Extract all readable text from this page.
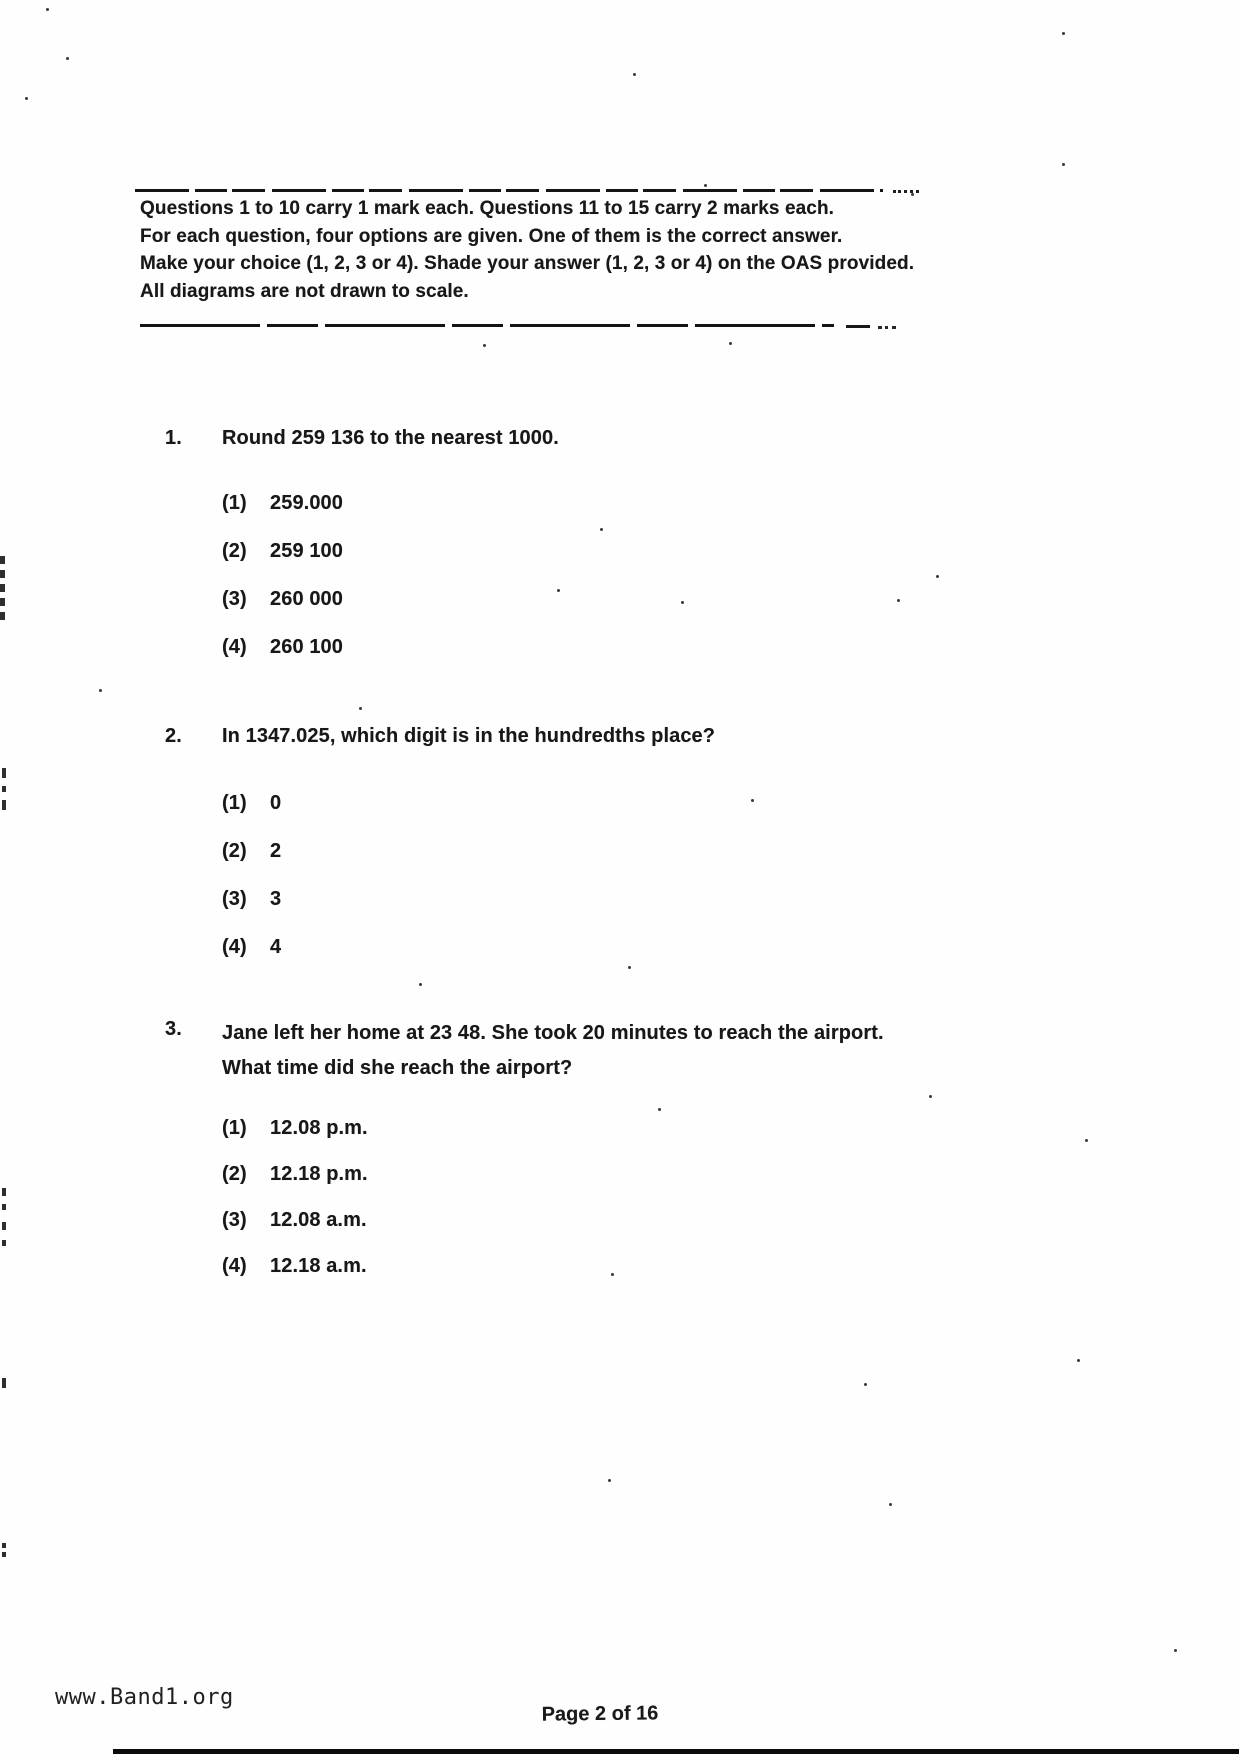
Questions 1 to 10 carry 1 mark each. Questions 11 to 15 carry 2 marks each.
For each question, four options are given. One of them is the correct answer.
Make your choice (1, 2, 3 or 4). Shade your answer (1, 2, 3 or 4) on the OAS provided.
All diagrams are not drawn to scale.
1.	Round 259 136 to the nearest 1000.
(1)	259.000
(2)	259 100
(3)	260 000
(4)	260 100
2.	In 1347.025, which digit is in the hundredths place?
(1)	0
(2)	2
(3)	3
(4)	4
3.	Jane left her home at 23 48. She took 20 minutes to reach the airport.
What time did she reach the airport?
(1)	12.08 p.m.
(2)	12.18 p.m.
(3)	12.08 a.m.
(4)	12.18 a.m.
www.Band1.org
Page 2 of 16
